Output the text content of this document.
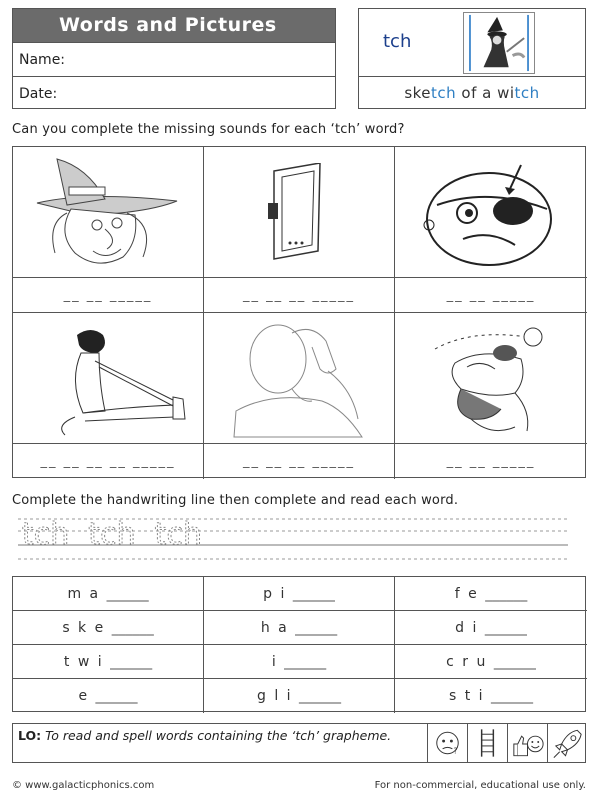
Words and Pictures
Name:
Date:
tch
sketch of a witch
Can you complete the missing sounds for each ‘tch’ word?
__ __ _____	__ __ __ _____	__ __ _____
__ __ __ __ _____	__ __ __ _____	__ __ _____
Complete the handwriting line then complete and read each word.
tch  tch  tch
m a ______	p i ______	f e ______
s k e ______	h a ______	d i ______
t w i ______	i ______	c r u ______
e ______	g l i ______	s t i ______
LO: To read and spell words containing the ‘tch’ grapheme.
?
© www.galacticphonics.com	For non-commercial, educational use only.
